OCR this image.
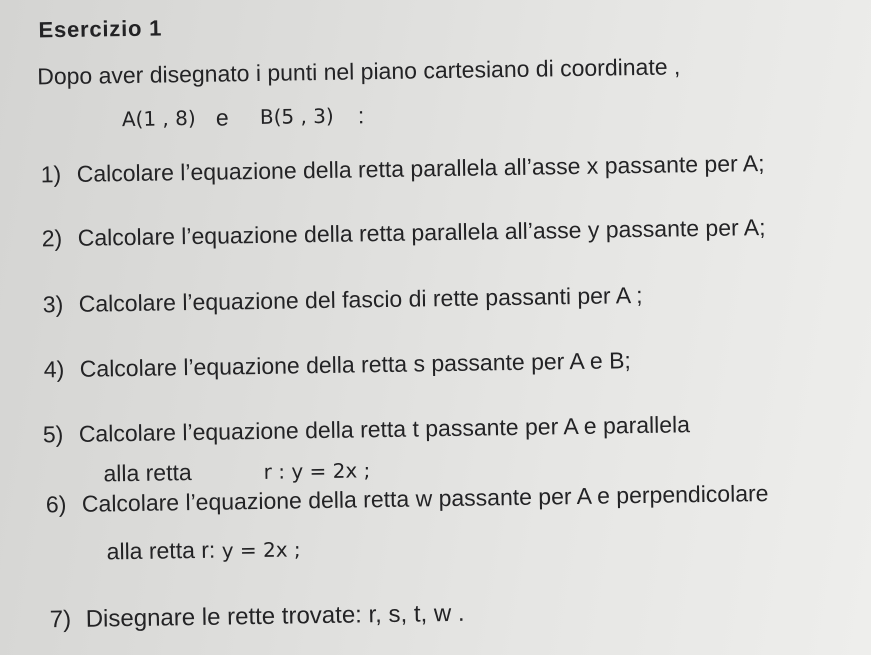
Esercizio 1

Dopo aver disegnato i punti nel piano cartesiano di coordinate ,

A(1 , 8) e B(5 , 3) :

1) Calcolare l’equazione della retta parallela all’asse x passante per A;

2) Calcolare l’equazione della retta parallela all’asse y passante per A;

3) Calcolare l’equazione del fascio di rette passanti per A ;

4) Calcolare l’equazione della retta s passante per A e B;

5) Calcolare l’equazione della retta t passante per A e parallela

alla retta	r : y = 2x ;

6) Calcolare l’equazione della retta w passante per A e perpendicolare

alla retta r: y = 2x ;

7) Disegnare le rette trovate: r, s, t, w .
